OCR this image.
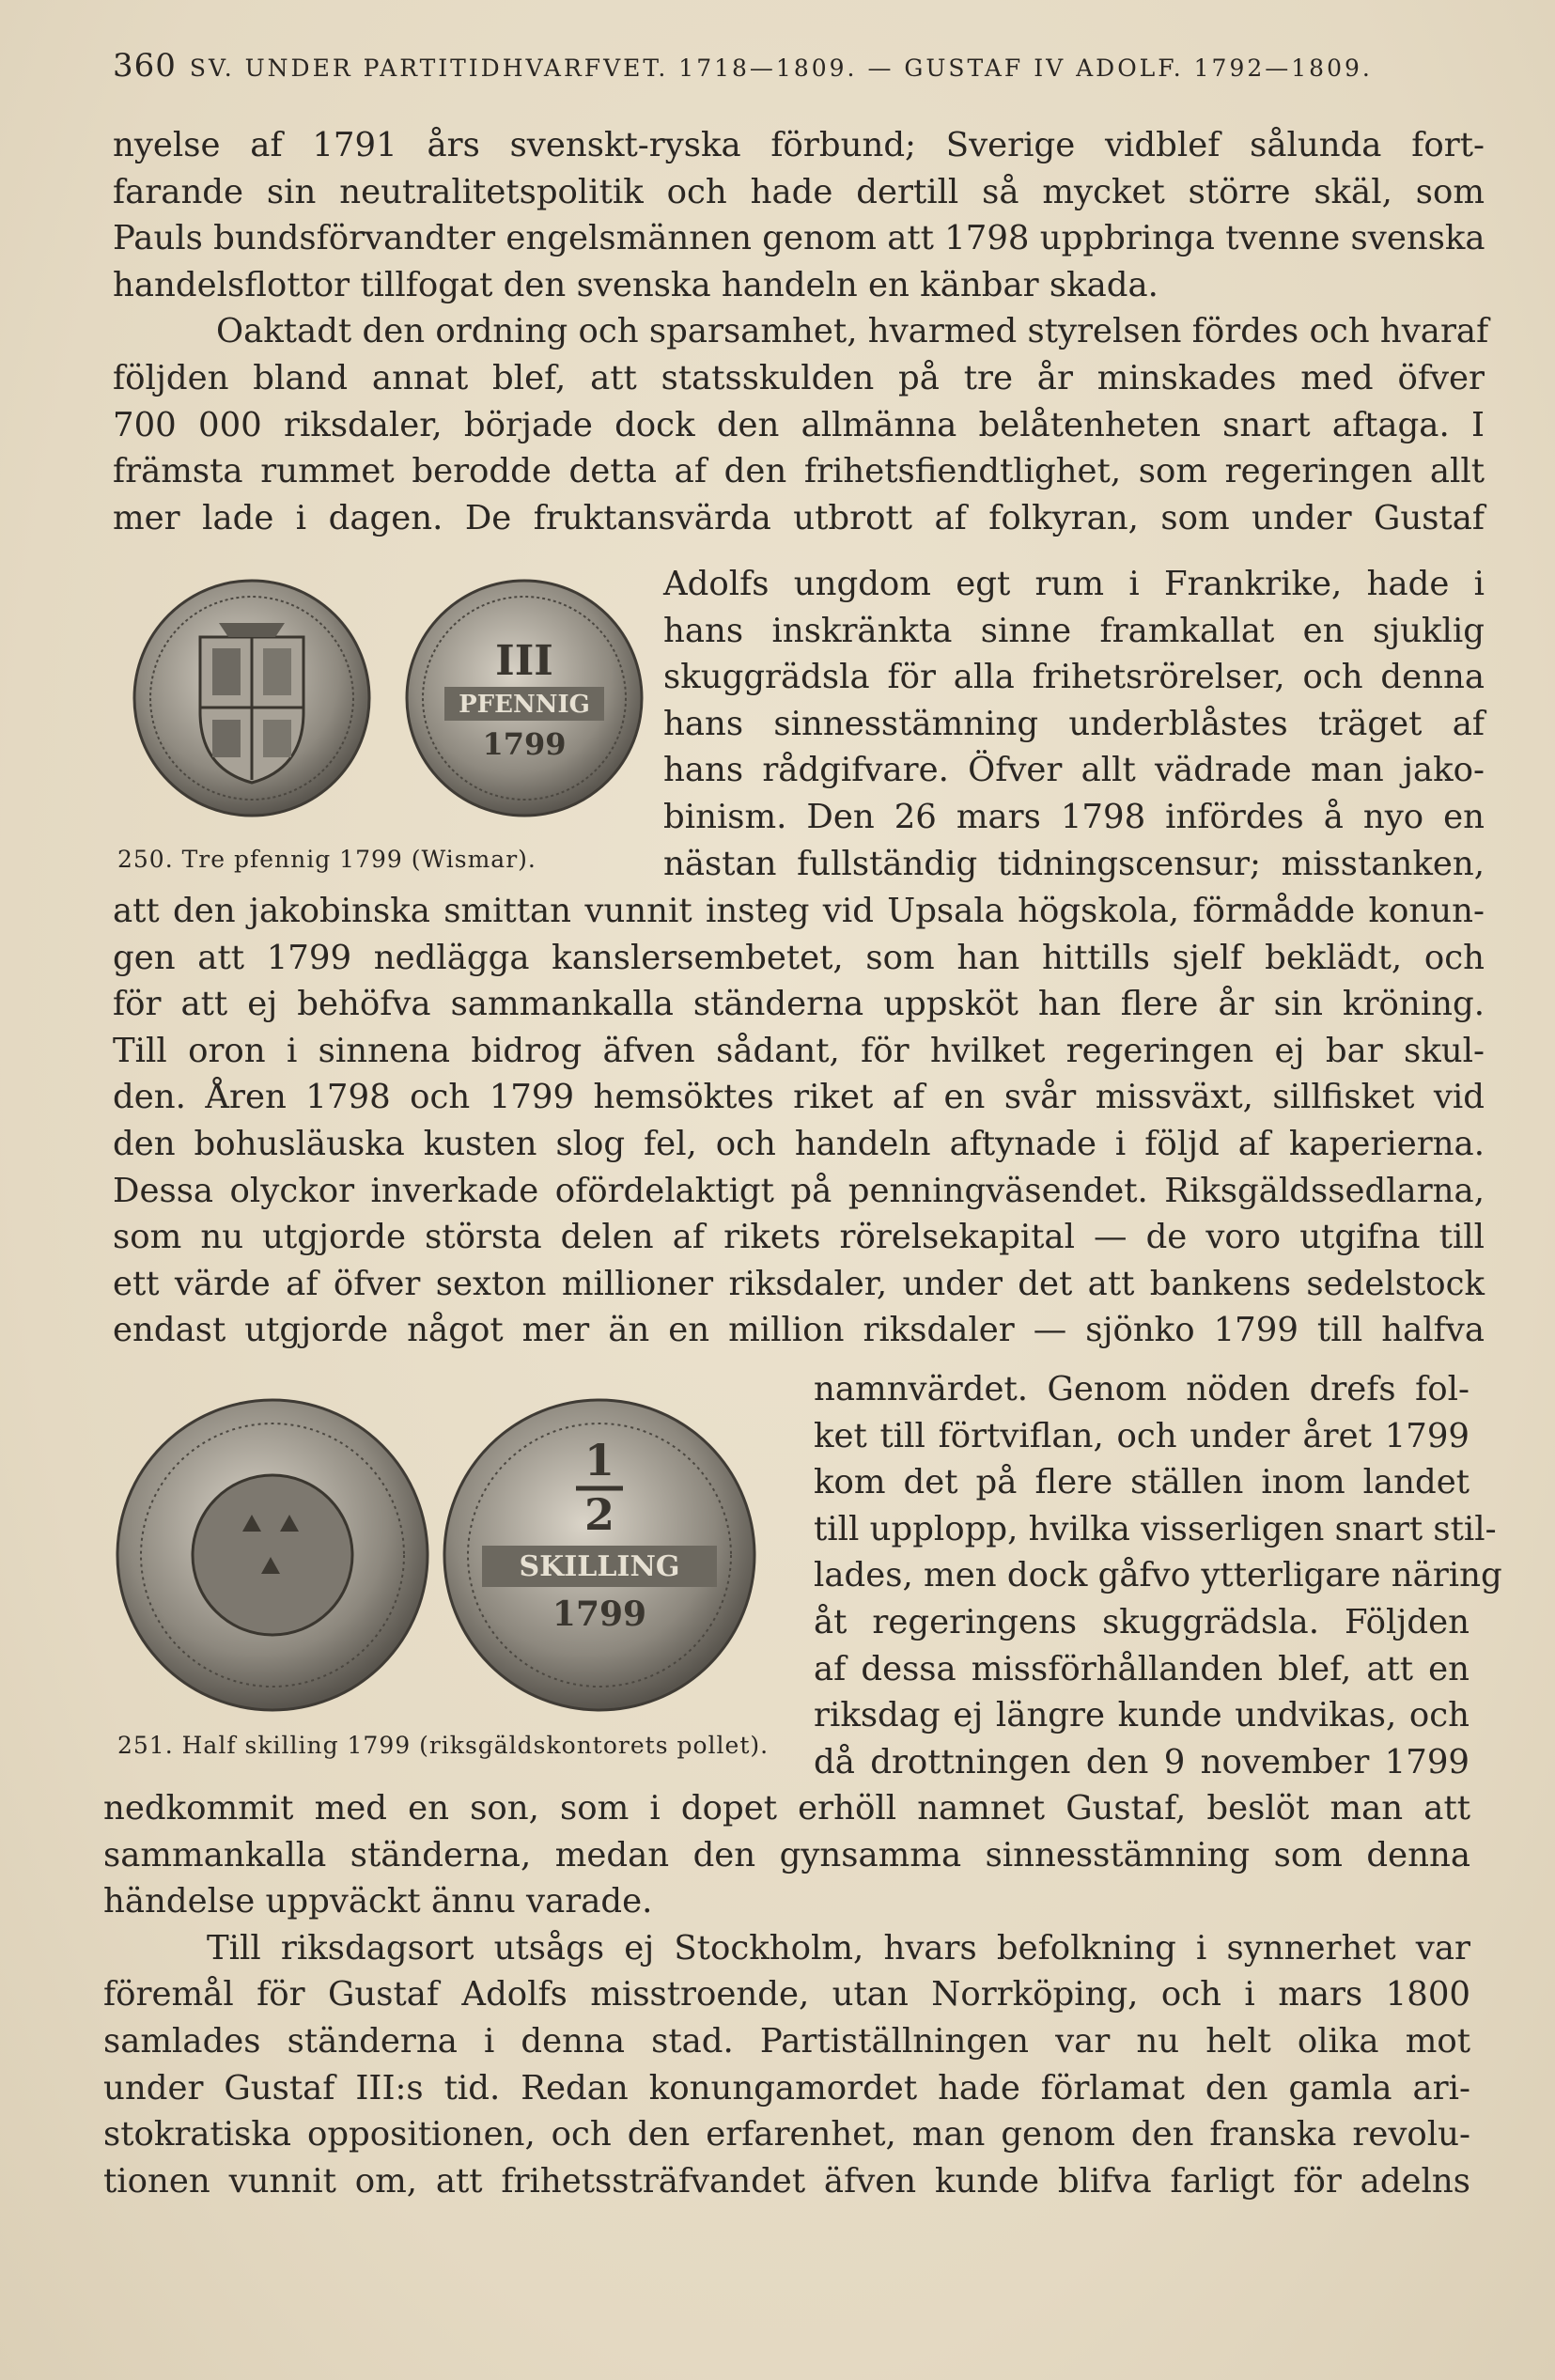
360 SV. UNDER PARTITIDHVARFVET. 1718—1809. — GUSTAF IV ADOLF. 1792—1809.
nyelse af 1791 års svenskt-ryska förbund; Sverige vidblef sålunda fort-
farande sin neutralitetspolitik och hade dertill så mycket större skäl, som
Pauls bundsförvandter engelsmännen genom att 1798 uppbringa tvenne svenska
handelsflottor tillfogat den svenska handeln en känbar skada.
Oaktadt den ordning och sparsamhet, hvarmed styrelsen fördes och hvaraf
följden bland annat blef, att statsskulden på tre år minskades med öfver
700 000 riksdaler, började dock den allmänna belåtenheten snart aftaga. I
främsta rummet berodde detta af den frihetsfiendtlighet, som regeringen allt
mer lade i dagen. De fruktansvärda utbrott af folkyran, som under Gustaf
III
PFENNIG
1799
250. Tre pfennig 1799 (Wismar).
Adolfs ungdom egt rum i Frankrike, hade i
hans inskränkta sinne framkallat en sjuklig
skuggrädsla för alla frihetsrörelser, och denna
hans sinnesstämning underblåstes träget af
hans rådgifvare. Öfver allt vädrade man jako-
binism. Den 26 mars 1798 infördes å nyo en
nästan fullständig tidningscensur; misstanken,
att den jakobinska smittan vunnit insteg vid Upsala högskola, förmådde konun-
gen att 1799 nedlägga kanslersembetet, som han hittills sjelf beklädt, och
för att ej behöfva sammankalla ständerna uppsköt han flere år sin kröning.
Till oron i sinnena bidrog äfven sådant, för hvilket regeringen ej bar skul-
den. Åren 1798 och 1799 hemsöktes riket af en svår missväxt, sillfisket vid
den bohusläuska kusten slog fel, och handeln aftynade i följd af kaperierna.
Dessa olyckor inverkade ofördelaktigt på penningväsendet. Riksgäldssedlarna,
som nu utgjorde största delen af rikets rörelsekapital — de voro utgifna till
ett värde af öfver sexton millioner riksdaler, under det att bankens sedelstock
endast utgjorde något mer än en million riksdaler — sjönko 1799 till halfva
1
2
SKILLING
1799
251. Half skilling 1799 (riksgäldskontorets pollet).
namnvärdet. Genom nöden drefs fol-
ket till förtviflan, och under året 1799
kom det på flere ställen inom landet
till upplopp, hvilka visserligen snart stil-
lades, men dock gåfvo ytterligare näring
åt regeringens skuggrädsla. Följden
af dessa missförhållanden blef, att en
riksdag ej längre kunde undvikas, och
då drottningen den 9 november 1799
nedkommit med en son, som i dopet erhöll namnet Gustaf, beslöt man att
sammankalla ständerna, medan den gynsamma sinnesstämning som denna
händelse uppväckt ännu varade.
Till riksdagsort utsågs ej Stockholm, hvars befolkning i synnerhet var
föremål för Gustaf Adolfs misstroende, utan Norrköping, och i mars 1800
samlades ständerna i denna stad. Partiställningen var nu helt olika mot
under Gustaf III:s tid. Redan konungamordet hade förlamat den gamla ari-
stokratiska oppositionen, och den erfarenhet, man genom den franska revolu-
tionen vunnit om, att frihetssträfvandet äfven kunde blifva farligt för adelns
